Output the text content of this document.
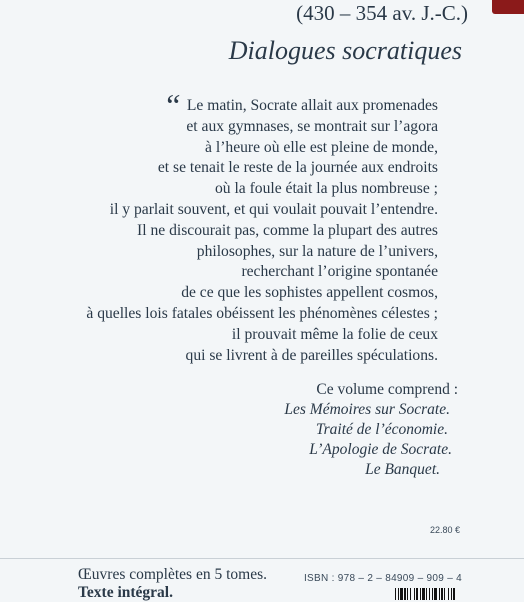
(430 – 354 av. J.-C.)
Dialogues socratiques
“ Le matin, Socrate allait aux promenades
et aux gymnases, se montrait sur l’agora
à l’heure où elle est pleine de monde,
et se tenait le reste de la journée aux endroits
où la foule était la plus nombreuse ;
il y parlait souvent, et qui voulait pouvait l’entendre.
Il ne discourait pas, comme la plupart des autres
philosophes, sur la nature de l’univers,
recherchant l’origine spontanée
de ce que les sophistes appellent cosmos,
à quelles lois fatales obéissent les phénomènes célestes ;
il prouvait même la folie de ceux
qui se livrent à de pareilles spéculations.
Ce volume comprend :
Les Mémoires sur Socrate.
Traité de l’économie.
L’Apologie de Socrate.
Le Banquet.
22.80 €
Œuvres complètes en 5 tomes.
Texte intégral.
ISBN : 978 – 2 – 84909 – 909 – 4
